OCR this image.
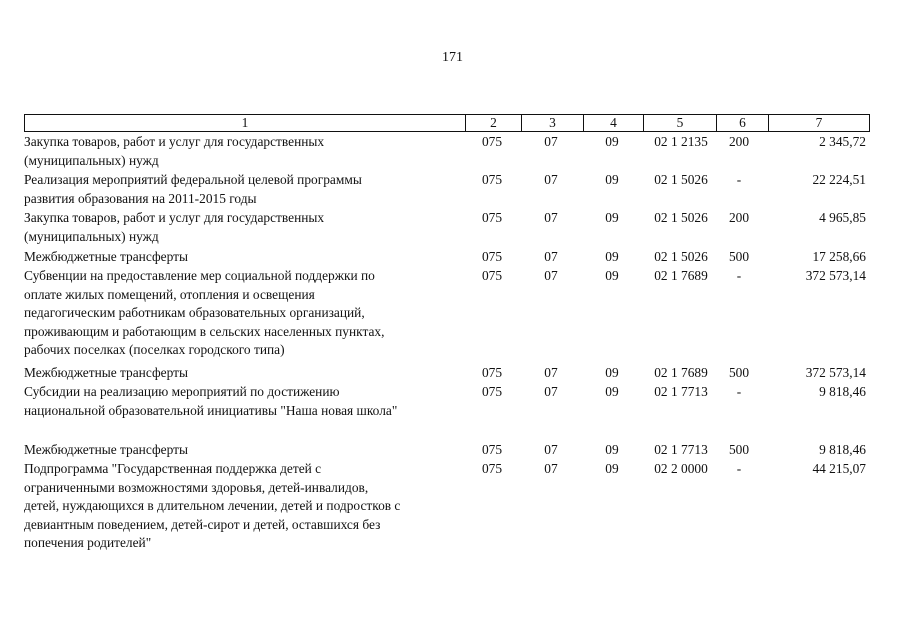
171
1	2	3	4	5	6	7
Закупка товаров, работ и услуг для государственных
(муниципальных) нужд
075	07	09	02 1 2135	200	2 345,72
Реализация мероприятий федеральной целевой программы
развития образования на 2011-2015 годы
075	07	09	02 1 5026	-	22 224,51
Закупка товаров, работ и услуг для государственных
(муниципальных) нужд
075	07	09	02 1 5026	200	4 965,85
Межбюджетные трансферты	075	07	09	02 1 5026	500	17 258,66
Субвенции на предоставление мер социальной поддержки по
оплате жилых помещений, отопления и освещения
педагогическим работникам образовательных организаций,
проживающим и работающим в сельских населенных пунктах,
рабочих поселках (поселках городского типа)
075	07	09	02 1 7689	-	372 573,14
Межбюджетные трансферты	075	07	09	02 1 7689	500	372 573,14
Субсидии на реализацию мероприятий по достижению
национальной образовательной инициативы "Наша новая школа"
075	07	09	02 1 7713	-	9 818,46
Межбюджетные трансферты	075	07	09	02 1 7713	500	9 818,46
Подпрограмма "Государственная поддержка детей с
ограниченными возможностями здоровья, детей-инвалидов,
детей, нуждающихся в длительном лечении, детей и подростков с
девиантным поведением, детей-сирот и детей, оставшихся без
попечения родителей"
075	07	09	02 2 0000	-	44 215,07
